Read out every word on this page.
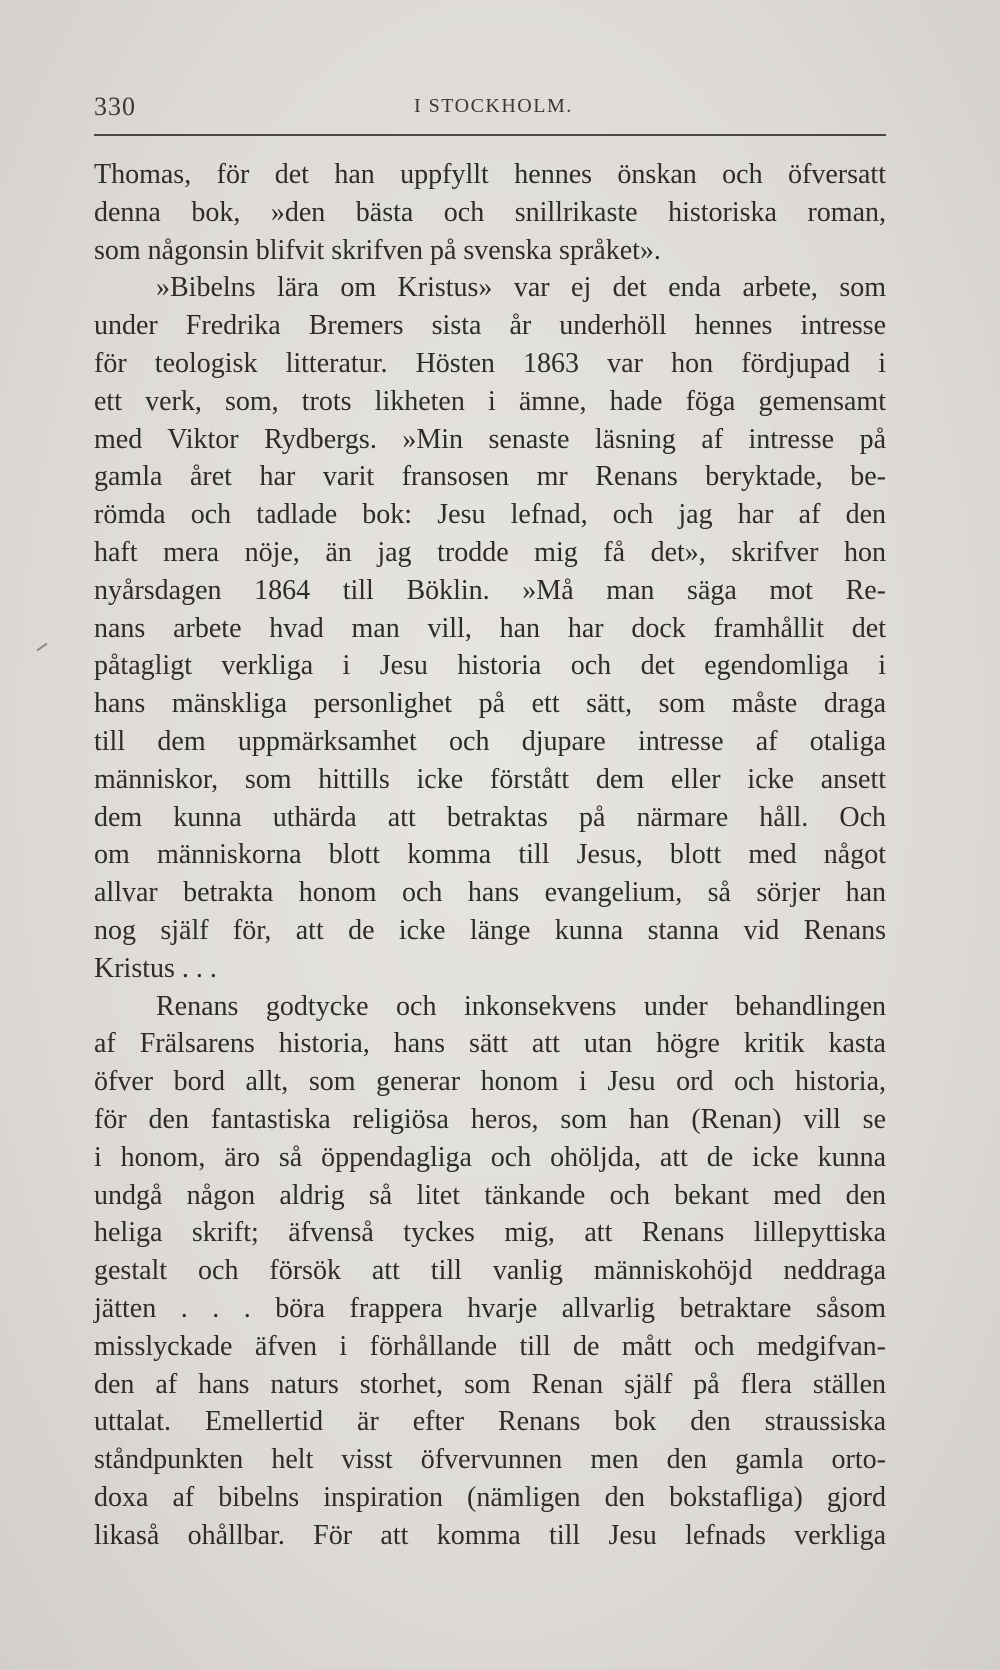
330	I STOCKHOLM.
Thomas, för det han uppfyllt hennes önskan och öfversatt
denna bok, »den bästa och snillrikaste historiska roman,
som någonsin blifvit skrifven på svenska språket».
»Bibelns lära om Kristus» var ej det enda arbete, som
under Fredrika Bremers sista år underhöll hennes intresse
för teologisk litteratur. Hösten 1863 var hon fördjupad i
ett verk, som, trots likheten i ämne, hade föga gemensamt
med Viktor Rydbergs. »Min senaste läsning af intresse på
gamla året har varit fransosen mr Renans beryktade, be-
römda och tadlade bok: Jesu lefnad, och jag har af den
haft mera nöje, än jag trodde mig få det», skrifver hon
nyårsdagen 1864 till Böklin. »Må man säga mot Re-
nans arbete hvad man vill, han har dock framhållit det
påtagligt verkliga i Jesu historia och det egendomliga i
hans mänskliga personlighet på ett sätt, som måste draga
till dem uppmärksamhet och djupare intresse af otaliga
människor, som hittills icke förstått dem eller icke ansett
dem kunna uthärda att betraktas på närmare håll. Och
om människorna blott komma till Jesus, blott med något
allvar betrakta honom och hans evangelium, så sörjer han
nog själf för, att de icke länge kunna stanna vid Renans
Kristus . . .
Renans godtycke och inkonsekvens under behandlingen
af Frälsarens historia, hans sätt att utan högre kritik kasta
öfver bord allt, som generar honom i Jesu ord och historia,
för den fantastiska religiösa heros, som han (Renan) vill se
i honom, äro så öppendagliga och ohöljda, att de icke kunna
undgå någon aldrig så litet tänkande och bekant med den
heliga skrift; äfvenså tyckes mig, att Renans lillepyttiska
gestalt och försök att till vanlig människohöjd neddraga
jätten . . . böra frappera hvarje allvarlig betraktare såsom
misslyckade äfven i förhållande till de mått och medgifvan-
den af hans naturs storhet, som Renan själf på flera ställen
uttalat. Emellertid är efter Renans bok den straussiska
ståndpunkten helt visst öfvervunnen men den gamla orto-
doxa af bibelns inspiration (nämligen den bokstafliga) gjord
likaså ohållbar. För att komma till Jesu lefnads verkliga
